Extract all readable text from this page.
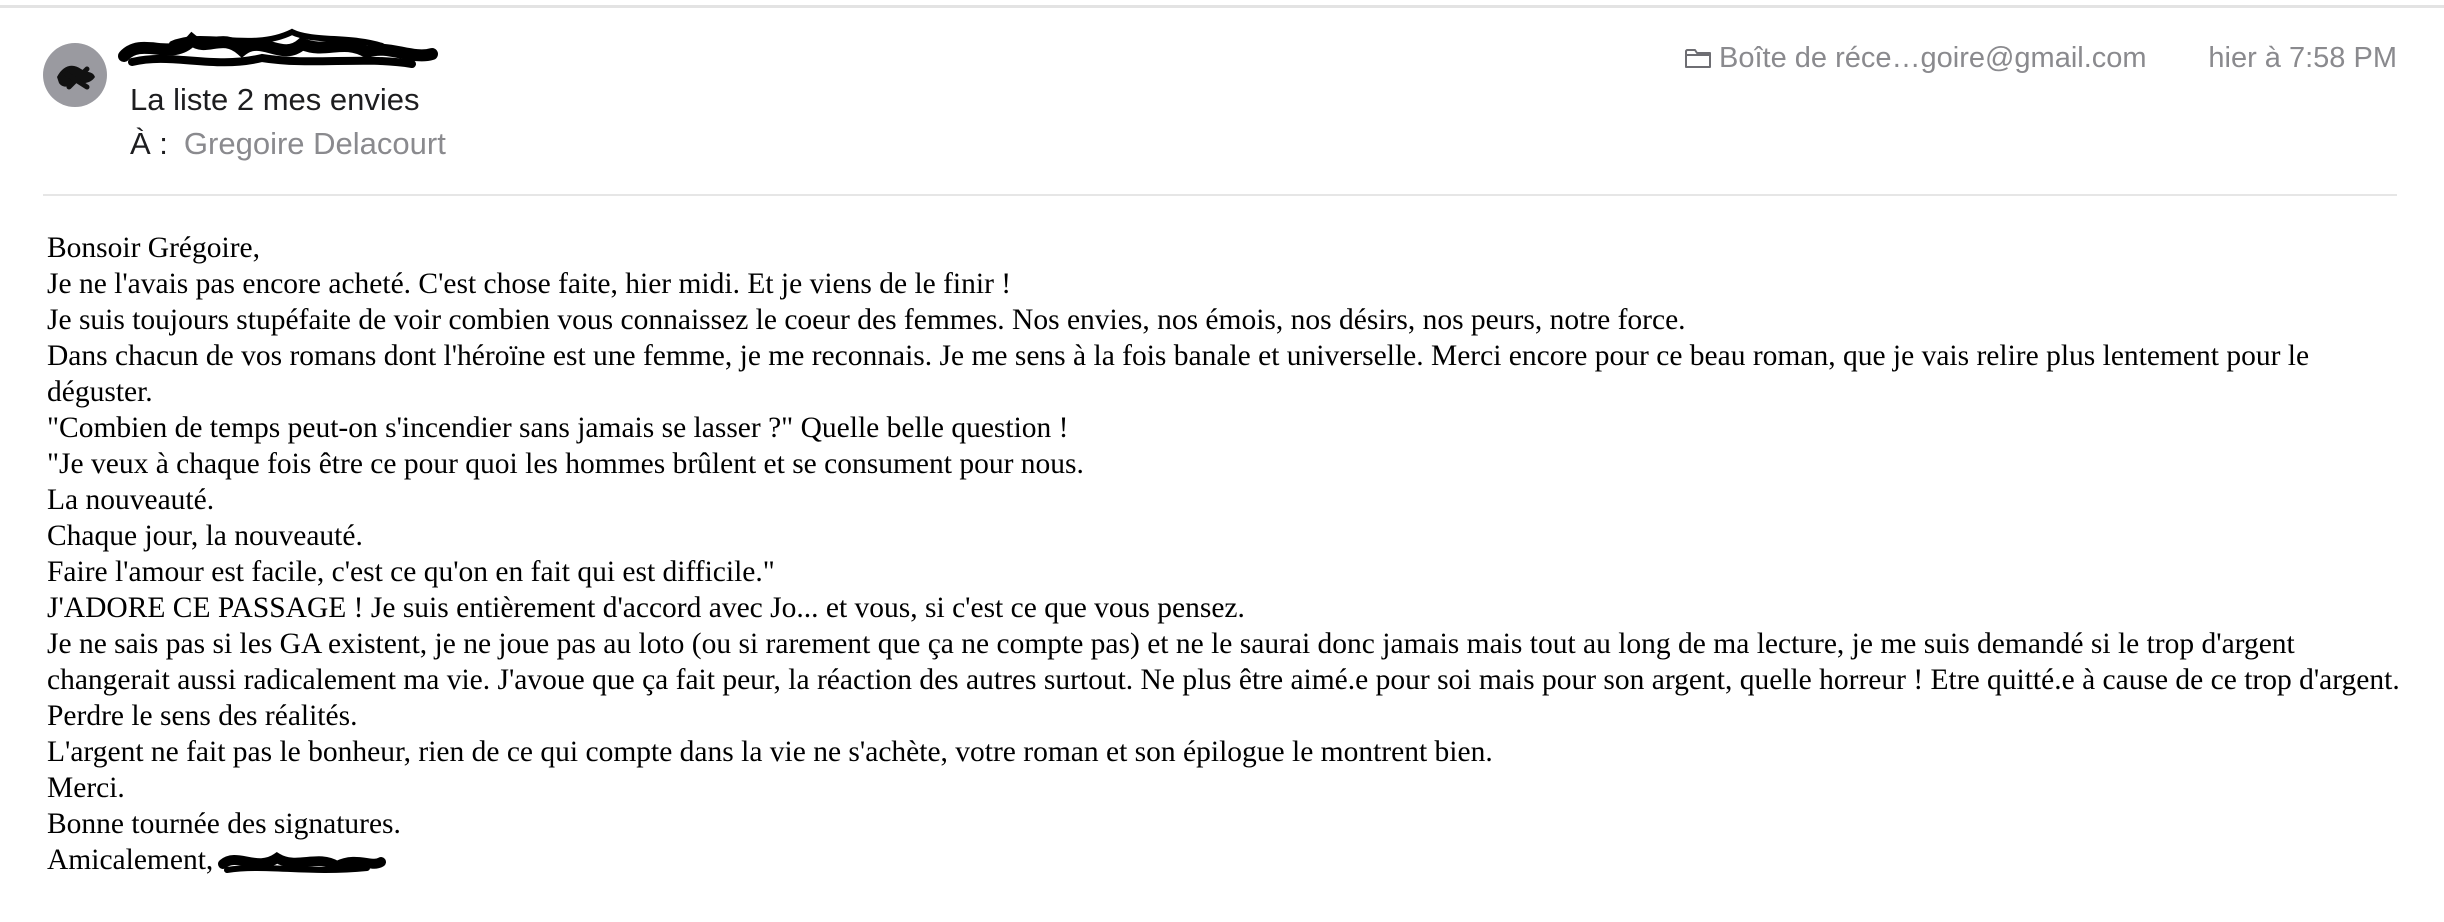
La liste 2 mes envies
À : Gregoire Delacourt
Boîte de réce…goire@gmail.com hier à 7:58 PM
Bonsoir Grégoire,
Je ne l'avais pas encore acheté. C'est chose faite, hier midi. Et je viens de le finir !
Je suis toujours stupéfaite de voir combien vous connaissez le coeur des femmes. Nos envies, nos émois, nos désirs, nos peurs, notre force.
Dans chacun de vos romans dont l'héroïne est une femme, je me reconnais. Je me sens à la fois banale et universelle. Merci encore pour ce beau roman, que je vais relire plus lentement pour le déguster.
"Combien de temps peut-on s'incendier sans jamais se lasser ?" Quelle belle question !
"Je veux à chaque fois être ce pour quoi les hommes brûlent et se consument pour nous.
La nouveauté.
Chaque jour, la nouveauté.
Faire l'amour est facile, c'est ce qu'on en fait qui est difficile."
J'ADORE CE PASSAGE ! Je suis entièrement d'accord avec Jo... et vous, si c'est ce que vous pensez.
Je ne sais pas si les GA existent, je ne joue pas au loto (ou si rarement que ça ne compte pas) et ne le saurai donc jamais mais tout au long de ma lecture, je me suis demandé si le trop d'argent changerait aussi radicalement ma vie. J'avoue que ça fait peur, la réaction des autres surtout. Ne plus être aimé.e pour soi mais pour son argent, quelle horreur ! Etre quitté.e à cause de ce trop d'argent. Perdre le sens des réalités.
L'argent ne fait pas le bonheur, rien de ce qui compte dans la vie ne s'achète, votre roman et son épilogue le montrent bien.
Merci.
Bonne tournée des signatures.
Amicalement,
